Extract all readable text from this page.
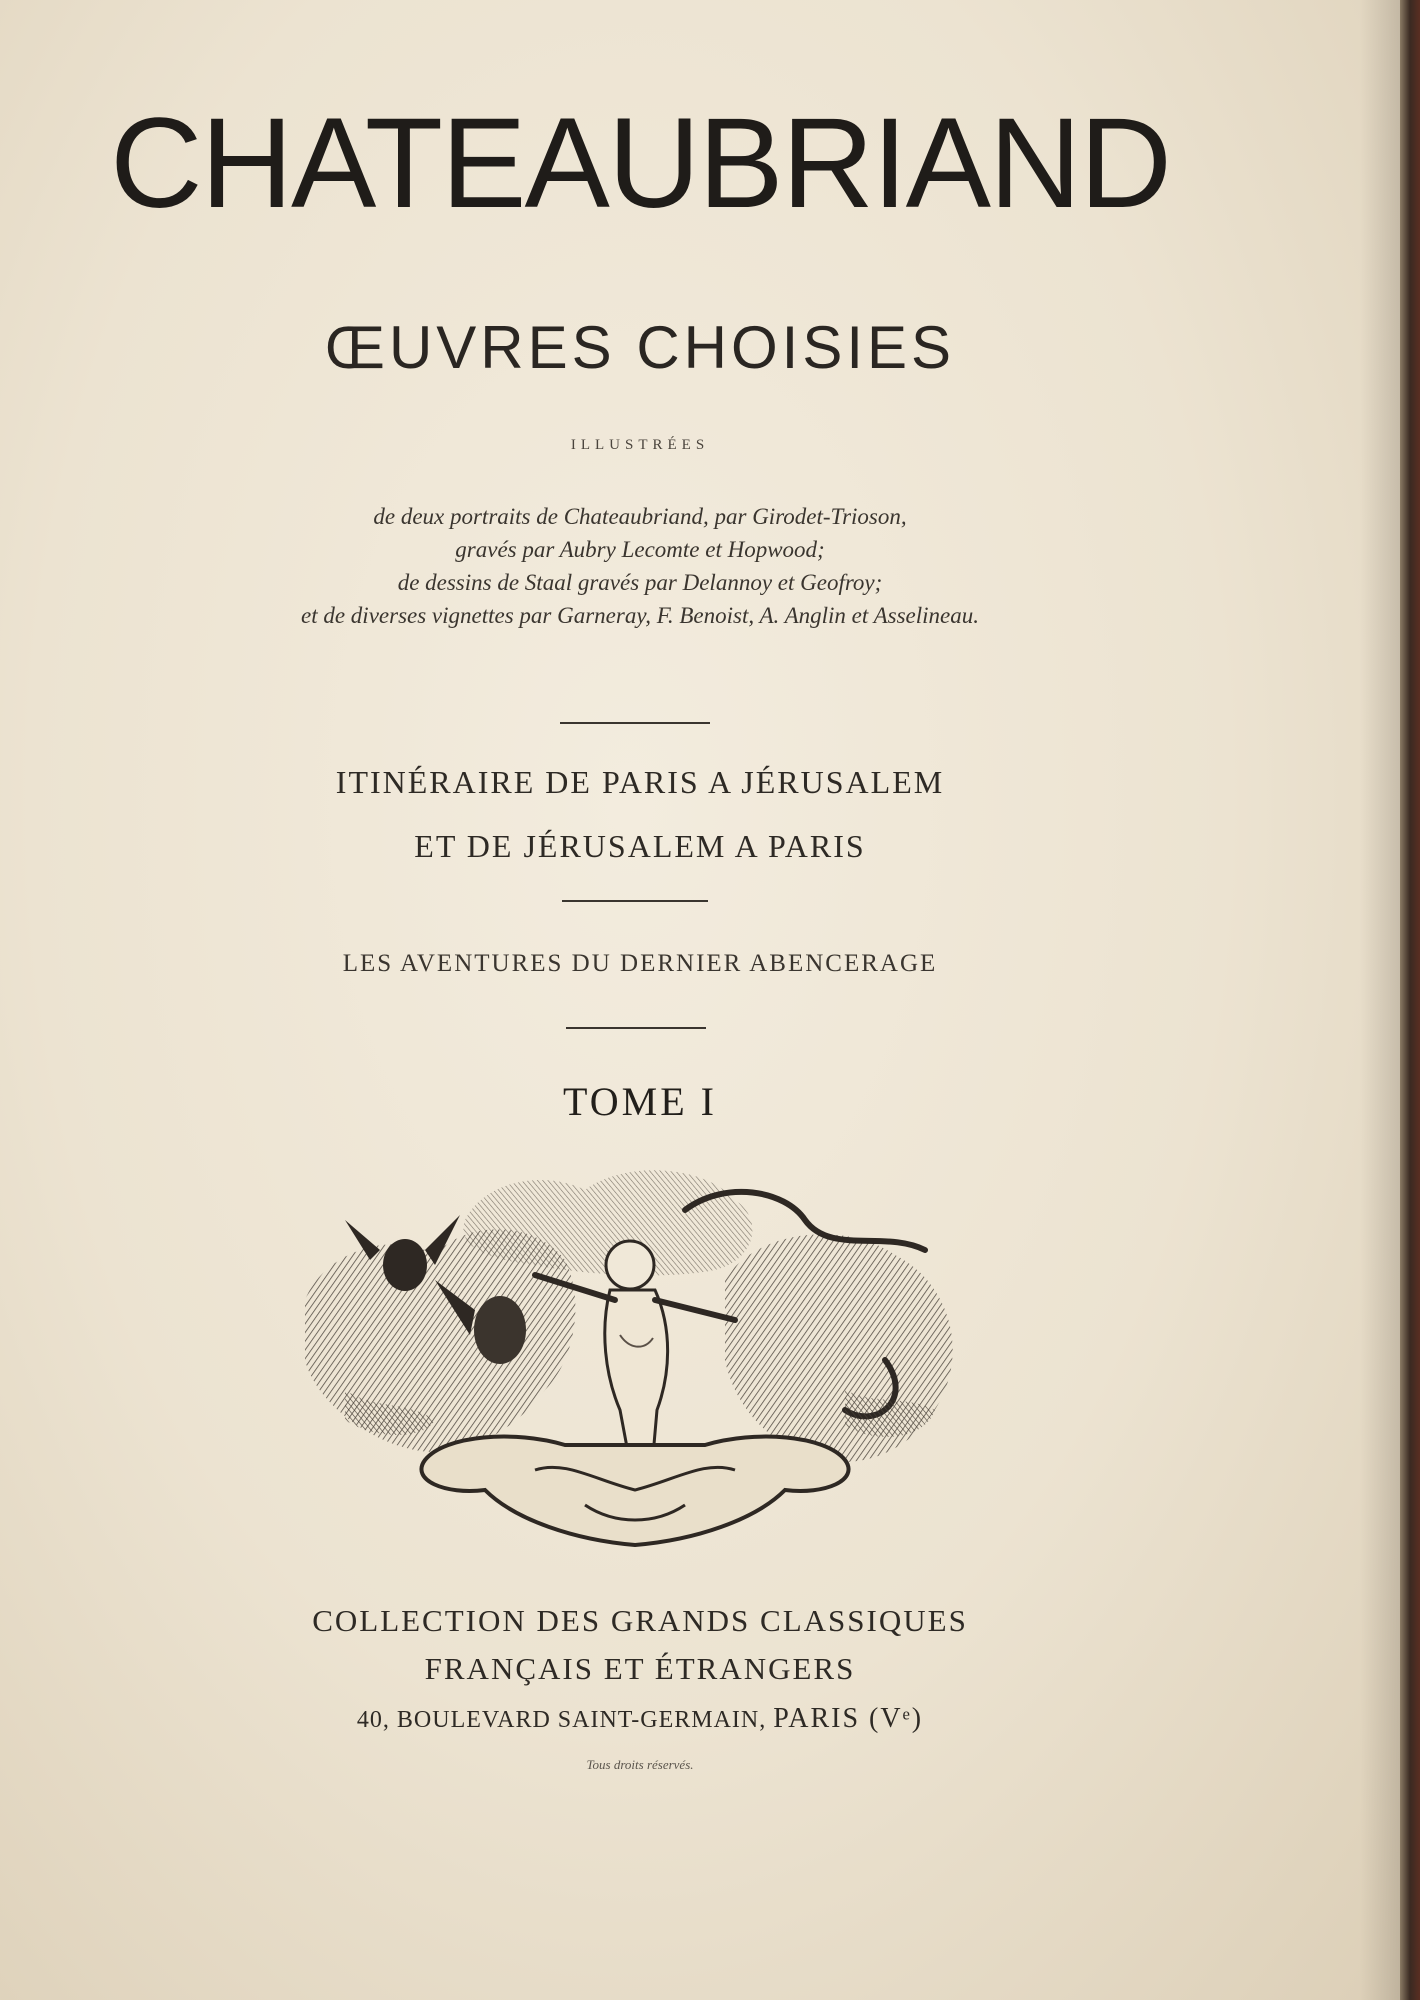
CHATEAUBRIAND
ŒUVRES CHOISIES
ILLUSTRÉES
de deux portraits de Chateaubriand, par Girodet-Trioson,
gravés par Aubry Lecomte et Hopwood;
de dessins de Staal gravés par Delannoy et Geofroy;
et de diverses vignettes par Garneray, F. Benoist, A. Anglin et Asselineau.
ITINÉRAIRE DE PARIS A JÉRUSALEM
ET DE JÉRUSALEM A PARIS
LES AVENTURES DU DERNIER ABENCERAGE
TOME I
COLLECTION DES GRANDS CLASSIQUES
FRANÇAIS ET ÉTRANGERS
40, BOULEVARD SAINT-GERMAIN, PARIS (Vᵉ)
Tous droits réservés.
